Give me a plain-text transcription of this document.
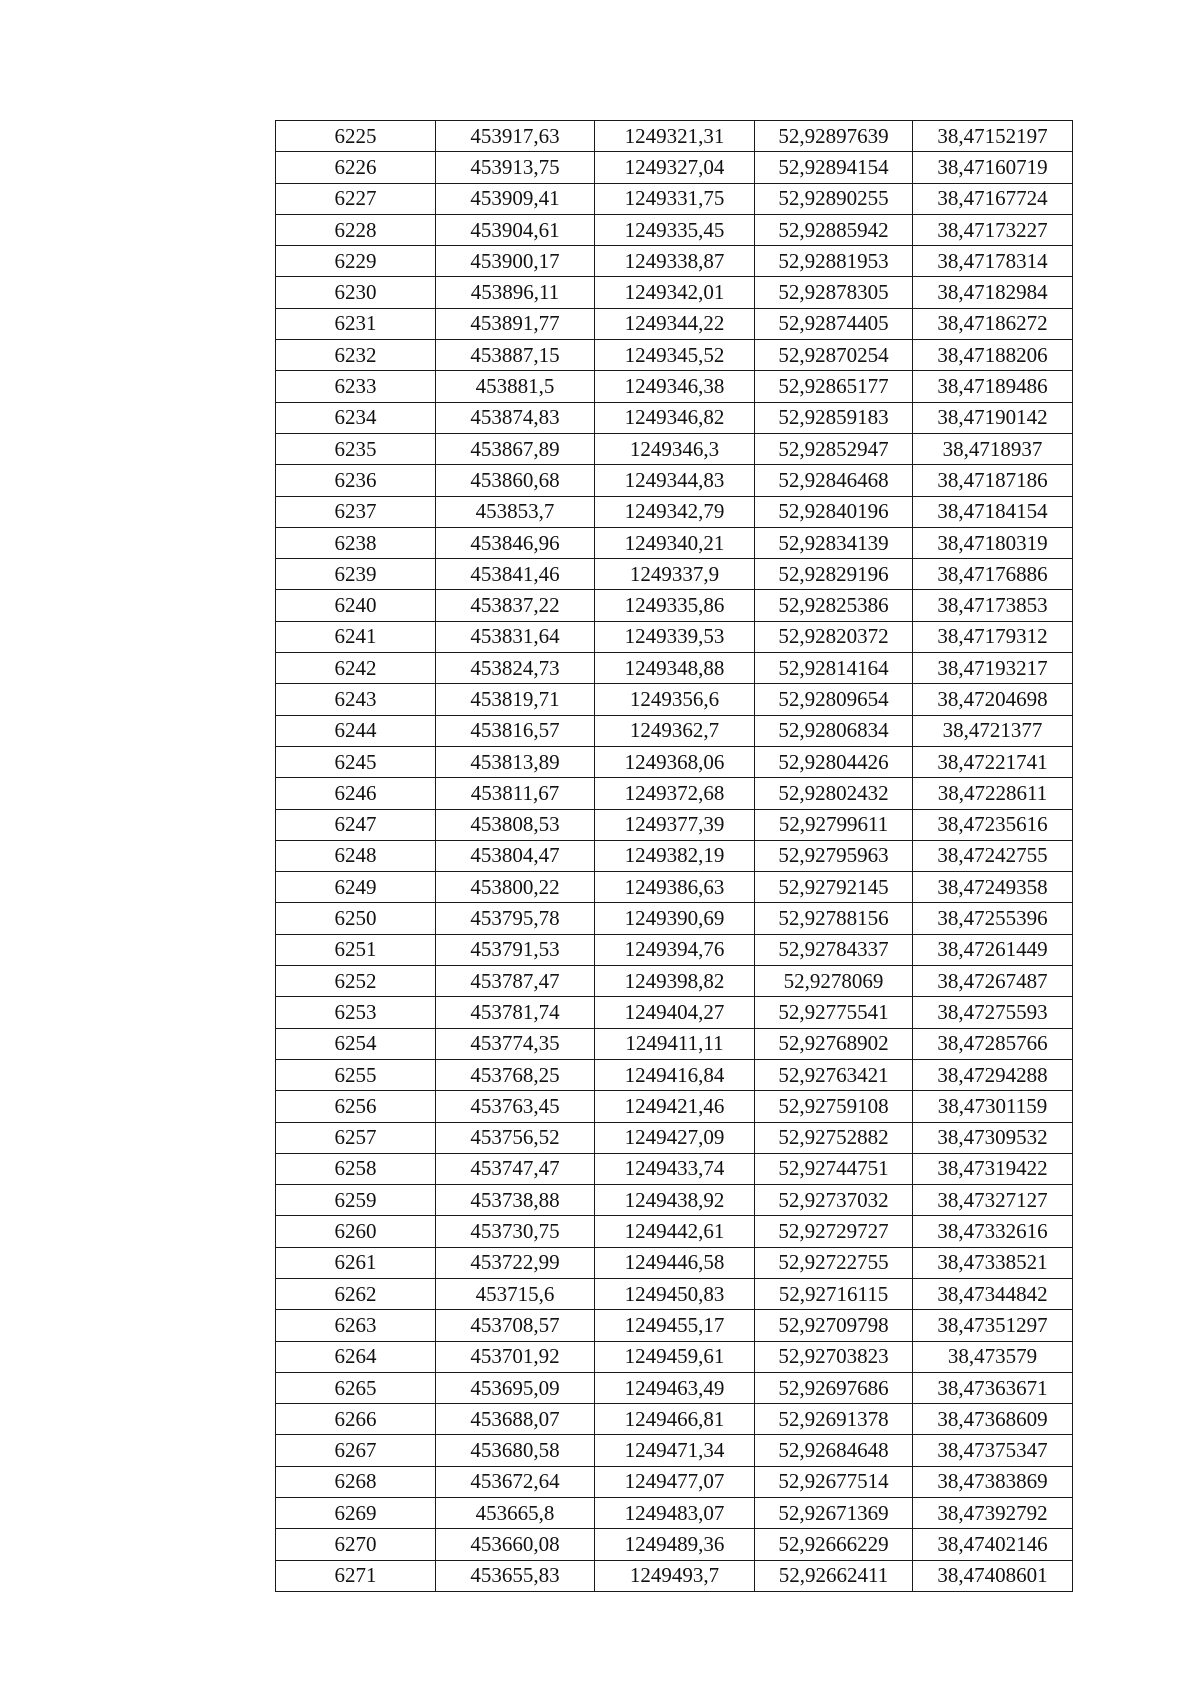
6225	453917,63	1249321,31	52,92897639	38,47152197
6226	453913,75	1249327,04	52,92894154	38,47160719
6227	453909,41	1249331,75	52,92890255	38,47167724
6228	453904,61	1249335,45	52,92885942	38,47173227
6229	453900,17	1249338,87	52,92881953	38,47178314
6230	453896,11	1249342,01	52,92878305	38,47182984
6231	453891,77	1249344,22	52,92874405	38,47186272
6232	453887,15	1249345,52	52,92870254	38,47188206
6233	453881,5	1249346,38	52,92865177	38,47189486
6234	453874,83	1249346,82	52,92859183	38,47190142
6235	453867,89	1249346,3	52,92852947	38,4718937
6236	453860,68	1249344,83	52,92846468	38,47187186
6237	453853,7	1249342,79	52,92840196	38,47184154
6238	453846,96	1249340,21	52,92834139	38,47180319
6239	453841,46	1249337,9	52,92829196	38,47176886
6240	453837,22	1249335,86	52,92825386	38,47173853
6241	453831,64	1249339,53	52,92820372	38,47179312
6242	453824,73	1249348,88	52,92814164	38,47193217
6243	453819,71	1249356,6	52,92809654	38,47204698
6244	453816,57	1249362,7	52,92806834	38,4721377
6245	453813,89	1249368,06	52,92804426	38,47221741
6246	453811,67	1249372,68	52,92802432	38,47228611
6247	453808,53	1249377,39	52,92799611	38,47235616
6248	453804,47	1249382,19	52,92795963	38,47242755
6249	453800,22	1249386,63	52,92792145	38,47249358
6250	453795,78	1249390,69	52,92788156	38,47255396
6251	453791,53	1249394,76	52,92784337	38,47261449
6252	453787,47	1249398,82	52,9278069	38,47267487
6253	453781,74	1249404,27	52,92775541	38,47275593
6254	453774,35	1249411,11	52,92768902	38,47285766
6255	453768,25	1249416,84	52,92763421	38,47294288
6256	453763,45	1249421,46	52,92759108	38,47301159
6257	453756,52	1249427,09	52,92752882	38,47309532
6258	453747,47	1249433,74	52,92744751	38,47319422
6259	453738,88	1249438,92	52,92737032	38,47327127
6260	453730,75	1249442,61	52,92729727	38,47332616
6261	453722,99	1249446,58	52,92722755	38,47338521
6262	453715,6	1249450,83	52,92716115	38,47344842
6263	453708,57	1249455,17	52,92709798	38,47351297
6264	453701,92	1249459,61	52,92703823	38,473579
6265	453695,09	1249463,49	52,92697686	38,47363671
6266	453688,07	1249466,81	52,92691378	38,47368609
6267	453680,58	1249471,34	52,92684648	38,47375347
6268	453672,64	1249477,07	52,92677514	38,47383869
6269	453665,8	1249483,07	52,92671369	38,47392792
6270	453660,08	1249489,36	52,92666229	38,47402146
6271	453655,83	1249493,7	52,92662411	38,47408601
